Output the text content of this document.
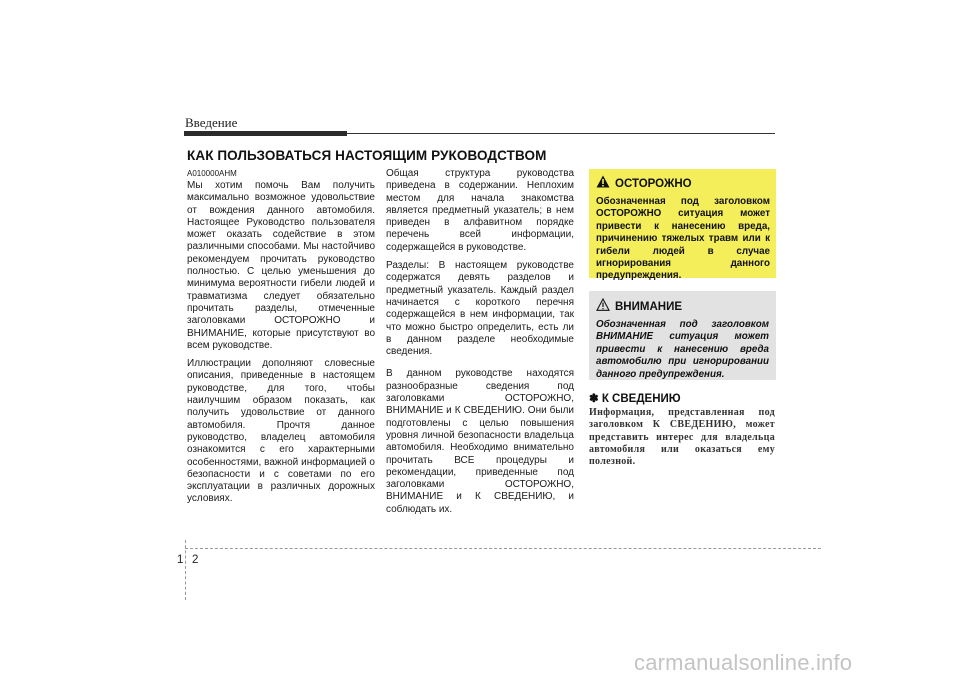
Введение
КАК ПОЛЬЗОВАТЬСЯ НАСТОЯЩИМ РУКОВОДСТВОМ

A010000AHM

Мы хотим помочь Вам получить максимально возможное удовольствие от вождения данного автомобиля. Настоящее Руководство пользователя может оказать содействие в этом различными способами. Мы настойчиво рекомендуем прочитать руководство полностью. С целью уменьшения до минимума вероятности гибели людей и травматизма следует обязательно прочитать разделы, отмеченные заголовками ОСТОРОЖНО и ВНИМАНИЕ, которые присутствуют во всем руководстве.

Иллюстрации дополняют словесные описания, приведенные в настоящем руководстве, для того, чтобы наилучшим образом показать, как получить удовольствие от данного автомобиля. Прочтя данное руководство, владелец автомобиля ознакомится с его характерными особенностями, важной информацией о безопасности и с советами по его эксплуатации в различных дорожных условиях.

Общая структура руководства приведена в содержании. Неплохим местом для начала знакомства является предметный указатель; в нем приведен в алфавитном порядке перечень всей информации, содержащейся в руководстве.

Разделы: В настоящем руководстве содержатся девять разделов и предметный указатель. Каждый раздел начинается с короткого перечня содержащейся в нем информации, так что можно быстро определить, есть ли в данном разделе необходимые сведения.

В данном руководстве находятся разнообразные сведения под заголовками ОСТОРОЖНО, ВНИМАНИЕ и К СВЕДЕНИЮ. Они были подготовлены с целью повышения уровня личной безопасности владельца автомобиля. Необходимо внимательно прочитать ВСЕ процедуры и рекомендации, приведенные под заголовками ОСТОРОЖНО, ВНИМАНИЕ и К СВЕДЕНИЮ, и соблюдать их.

ОСТОРОЖНО
Обозначенная под заголовком ОСТОРОЖНО ситуация может привести к нанесению вреда, причинению тяжелых травм или к гибели людей в случае игнорирования данного предупреждения.
ВНИМАНИЕ
Обозначенная под заголовком ВНИМАНИЕ ситуация может привести к нанесению вреда автомобилю при игнорировании данного предупреждения.
✽ К СВЕДЕНИЮ
Информация, представленная под заголовком К СВЕДЕНИЮ, может представить интерес для владельца автомобиля или оказаться ему полезной.
1 2
carmanualsonline.info
